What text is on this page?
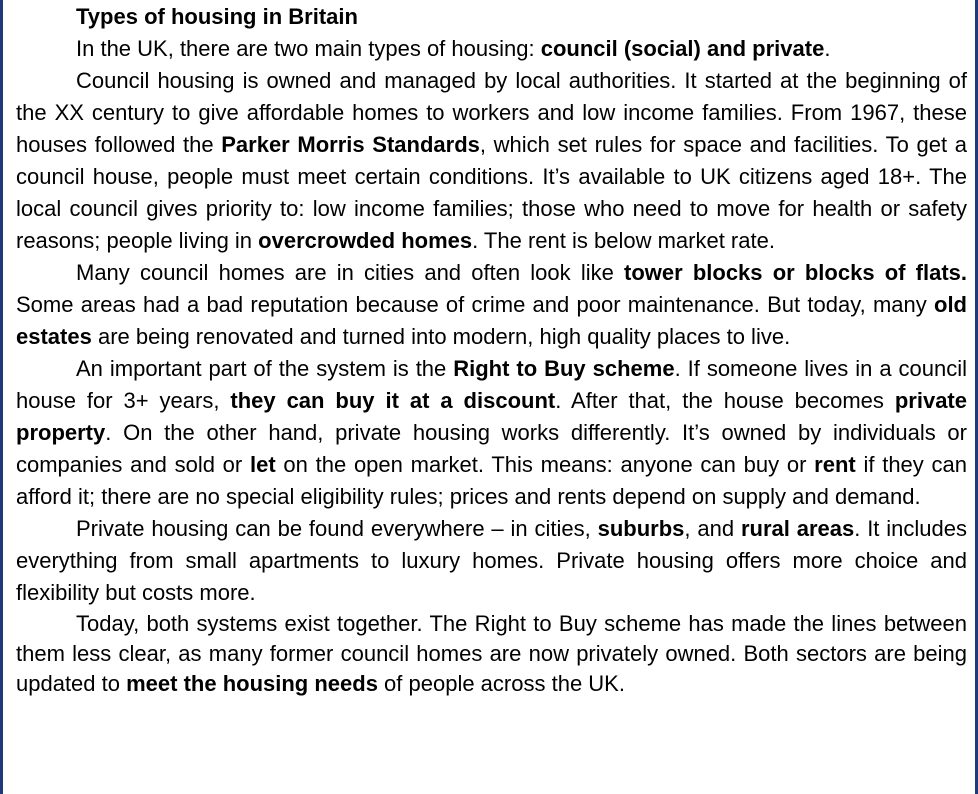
Types of housing in Britain

In the UK, there are two main types of housing: council (social) and private.

Council housing is owned and managed by local authorities. It started at the beginning of the XX century to give affordable homes to workers and low income families. From 1967, these houses followed the Parker Morris Standards, which set rules for space and facilities. To get a council house, people must meet certain conditions. It’s available to UK citizens aged 18+. The local council gives priority to: low income families; those who need to move for health or safety reasons; people living in overcrowded homes. The rent is below market rate.

Many council homes are in cities and often look like tower blocks or blocks of flats. Some areas had a bad reputation because of crime and poor maintenance. But today, many old estates are being renovated and turned into modern, high quality places to live.

An important part of the system is the Right to Buy scheme. If someone lives in a council house for 3+ years, they can buy it at a discount. After that, the house becomes private property. On the other hand, private housing works differently. It’s owned by individuals or companies and sold or let on the open market. This means: anyone can buy or rent if they can afford it; there are no special eligibility rules; prices and rents depend on supply and demand.

Private housing can be found everywhere – in cities, suburbs, and rural areas. It includes everything from small apartments to luxury homes. Private housing offers more choice and flexibility but costs more.

Today, both systems exist together. The Right to Buy scheme has made the lines between them less clear, as many former council homes are now privately owned. Both sectors are being updated to meet the housing needs of people across the UK.
